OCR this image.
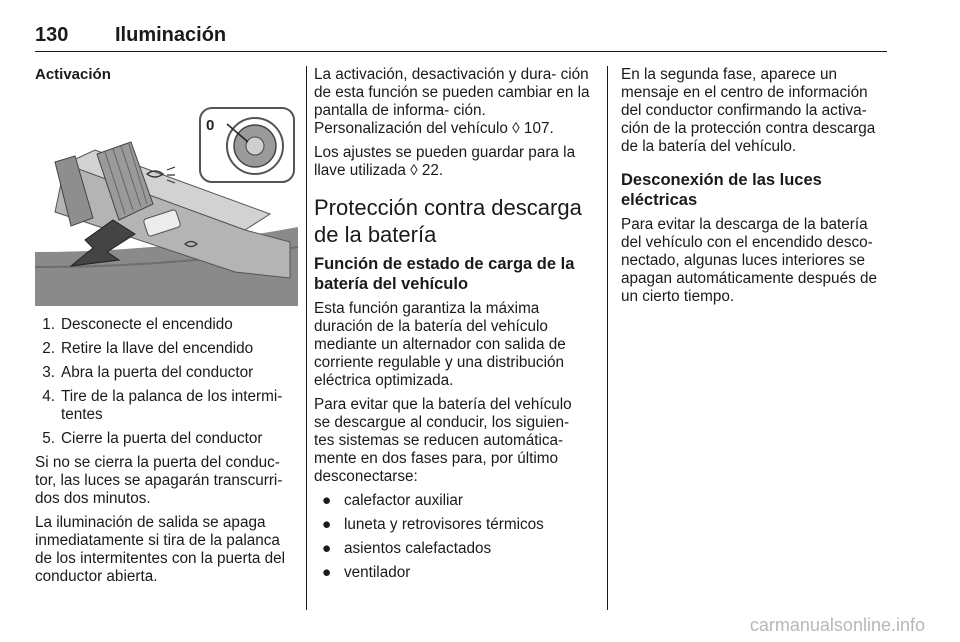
130 Iluminación
Activación
0
1. Desconecte el encendido
2. Retire la llave del encendido
3. Abra la puerta del conductor
4. Tire de la palanca de los intermi- tentes
5. Cierre la puerta del conductor

Si no se cierra la puerta del conduc- tor, las luces se apagarán transcurri- dos dos minutos.

La iluminación de salida se apaga inmediatamente si tira de la palanca de los intermitentes con la puerta del conductor abierta.

La activación, desactivación y dura- ción de esta función se pueden cambiar en la pantalla de informa- ción. Personalización del vehículo ◊ 107.

Los ajustes se pueden guardar para la llave utilizada ◊ 22.

Protección contra descarga de la batería
Función de estado de carga de la batería del vehículo

Esta función garantiza la máxima duración de la batería del vehículo mediante un alternador con salida de corriente regulable y una distribución eléctrica optimizada.

Para evitar que la batería del vehículo se descargue al conducir, los siguien- tes sistemas se reducen automática- mente en dos fases para, por último desconectarse:

● calefactor auxiliar
● luneta y retrovisores térmicos
● asientos calefactados
● ventilador

En la segunda fase, aparece un mensaje en el centro de información del conductor confirmando la activa- ción de la protección contra descarga de la batería del vehículo.

Desconexión de las luces eléctricas

Para evitar la descarga de la batería del vehículo con el encendido desco- nectado, algunas luces interiores se apagan automáticamente después de un cierto tiempo.

carmanualsonline.info
